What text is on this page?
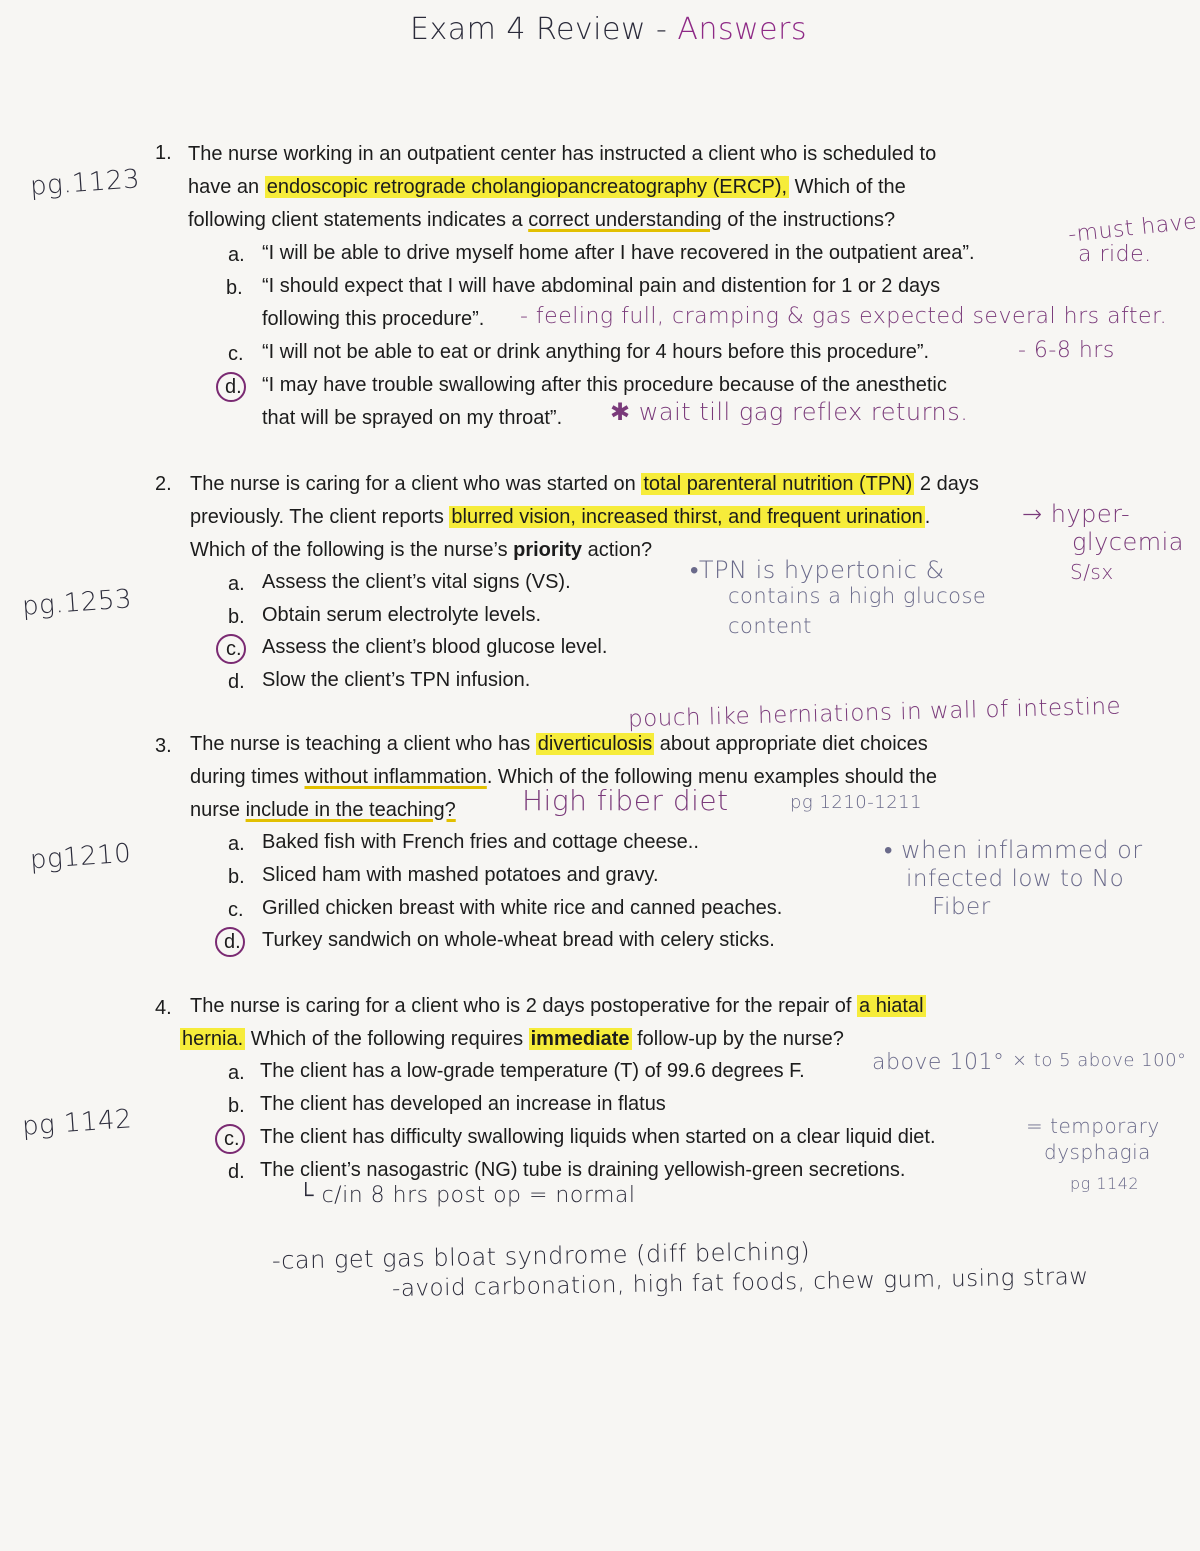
Exam 4 Review - Answers
pg.1123
pg.1253
pg1210
pg 1142
1. The nurse working in an outpatient center has instructed a client who is scheduled to
have an endoscopic retrograde cholangiopancreatography (ERCP), Which of the
following client statements indicates a correct understanding of the instructions?
a. “I will be able to drive myself home after I have recovered in the outpatient area”.
b. “I should expect that I will have abdominal pain and distention for 1 or 2 days
following this procedure”.
c. “I will not be able to eat or drink anything for 4 hours before this procedure”.
d. “I may have trouble swallowing after this procedure because of the anesthetic
that will be sprayed on my throat”.
-must have
a ride.
- feeling full, cramping & gas expected several hrs after.
- 6-8 hrs
✱ wait till gag reflex returns.
2. The nurse is caring for a client who was started on total parenteral nutrition (TPN) 2 days
previously. The client reports blurred vision, increased thirst, and frequent urination .
Which of the following is the nurse’s priority action?
a. Assess the client’s vital signs (VS).
b. Obtain serum electrolyte levels.
c. Assess the client’s blood glucose level.
d. Slow the client’s TPN infusion.
→ hyper-
glycemia
S/sx
•TPN is hypertonic &
contains a high glucose
content
pouch like herniations in wall of intestine
3. The nurse is teaching a client who has diverticulosis about appropriate diet choices
during times without inflammation. Which of the following menu examples should the
nurse include in the teaching? High fiber diet	pg 1210-1211
a. Baked fish with French fries and cottage cheese..
b. Sliced ham with mashed potatoes and gravy.
c. Grilled chicken breast with white rice and canned peaches.
d. Turkey sandwich on whole-wheat bread with celery sticks.
• when inflammed or
infected low to No
Fiber
4. The nurse is caring for a client who is 2 days postoperative for the repair of a hiatal
hernia. Which of the following requires immediate follow-up by the nurse?
a. The client has a low-grade temperature (T) of 99.6 degrees F.
b. The client has developed an increase in flatus
c. The client has difficulty swallowing liquids when started on a clear liquid diet.
d. The client’s nasogastric (NG) tube is draining yellowish-green secretions.
above 101° × to 5 above 100°
= temporary
dysphagia
pg 1142
└ c/in 8 hrs post op = normal
-can get gas bloat syndrome (diff belching)
-avoid carbonation, high fat foods, chew gum, using straw
